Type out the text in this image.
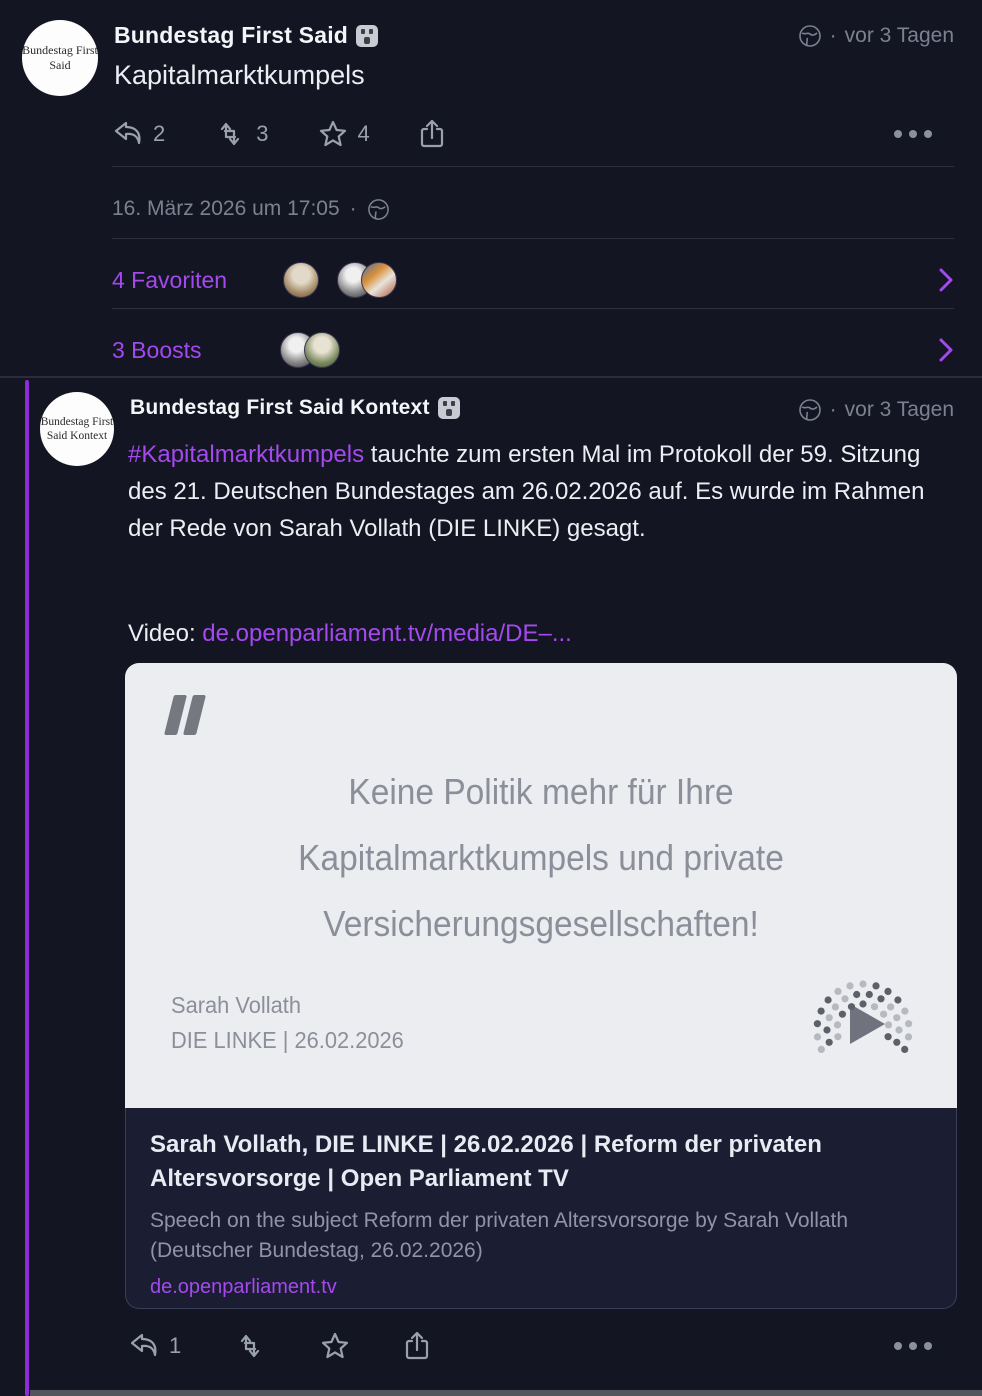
Bundestag First Said
Bundestag First Said	· vor 3 Tagen
Kapitalmarktkumpels
2	3	4
16. März 2026 um 17:05 ·
4 Favoriten
3 Boosts
Bundestag First Said Kontext
Bundestag First Said Kontext	· vor 3 Tagen
#Kapitalmarktkumpels tauchte zum ersten Mal im Protokoll der 59. Sitzung des 21. Deutschen Bundestages am 26.02.2026 auf. Es wurde im Rahmen der Rede von Sarah Vollath (DIE LINKE) gesagt.
Video: de.openparliament.tv/media/DE–...
Keine Politik mehr für Ihre Kapitalmarktkumpels und private Versicherungsgesellschaften!
Sarah Vollath
DIE LINKE | 26.02.2026
Sarah Vollath, DIE LINKE | 26.02.2026 | Reform der privaten Altersvorsorge | Open Parliament TV
Speech on the subject Reform der privaten Altersvorsorge by Sarah Vollath (Deutscher Bundestag, 26.02.2026)
de.openparliament.tv
1
